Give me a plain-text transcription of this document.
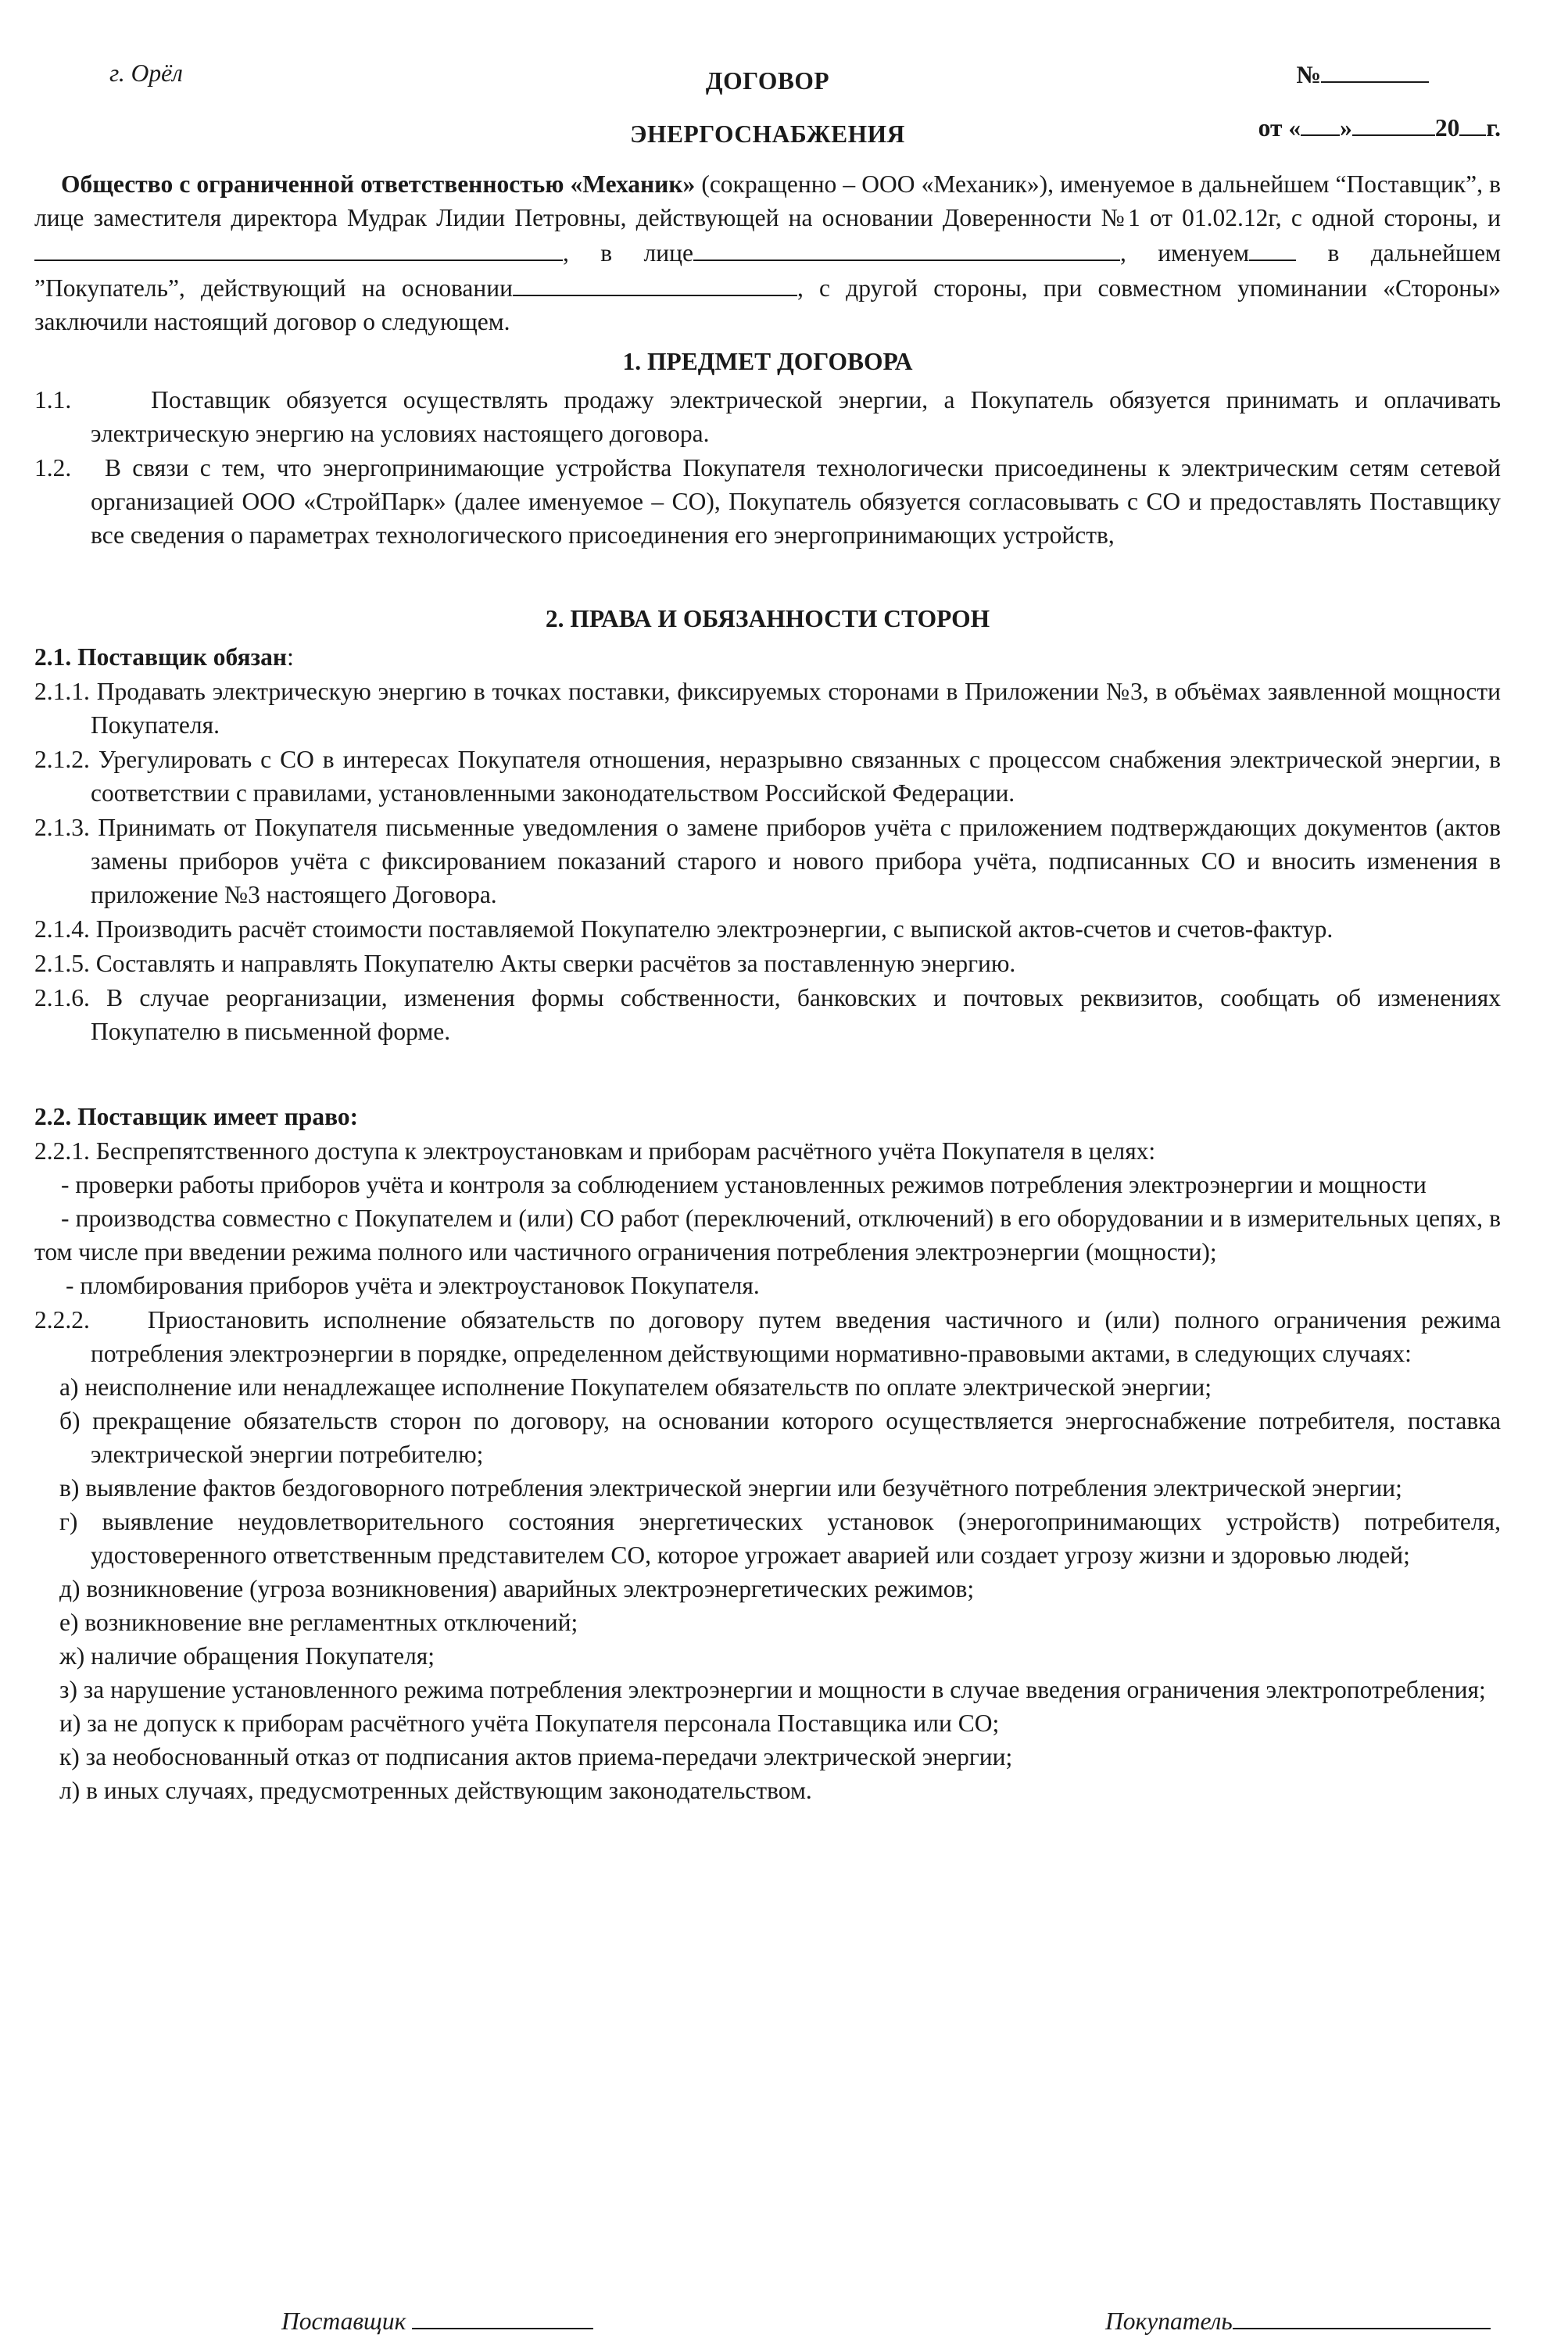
г. Орёл	ДОГОВОР
ЭНЕРГОСНАБЖЕНИЯ
№
от « »	20 г.
Общество с ограниченной ответственностью «Механик» (сокращенно – ООО «Механик»), именуемое в дальнейшем “Поставщик”, в лице заместителя директора Мудрак Лидии Петровны, действующей на основании Доверенности №1 от 01.02.12г, с одной стороны, и , в лице	, именуем в дальнейшем ”Покупатель”, действующий на основании	, с другой стороны, при совместном упоминании «Стороны» заключили настоящий договор о следующем.
1. ПРЕДМЕТ ДОГОВОРА
1.1.	Поставщик обязуется осуществлять продажу электрической энергии, а Покупатель обязуется принимать и оплачивать электрическую энергию на условиях настоящего договора.
1.2. В связи с тем, что энергопринимающие устройства Покупателя технологически присоединены к электрическим сетям сетевой организацией ООО «СтройПарк» (далее именуемое – СО), Покупатель обязуется согласовывать с СО и предоставлять Поставщику все сведения о параметрах технологического присоединения его энергопринимающих устройств,
2. ПРАВА И ОБЯЗАННОСТИ СТОРОН
2.1. Поставщик обязан:
2.1.1. Продавать электрическую энергию в точках поставки, фиксируемых сторонами в Приложении №3, в объёмах заявленной мощности Покупателя.
2.1.2. Урегулировать с СО в интересах Покупателя отношения, неразрывно связанных с процессом снабжения электрической энергии, в соответствии с правилами, установленными законодательством Российской Федерации.
2.1.3. Принимать от Покупателя письменные уведомления о замене приборов учёта с приложением подтверждающих документов (актов замены приборов учёта с фиксированием показаний старого и нового прибора учёта, подписанных СО и вносить изменения в приложение №3 настоящего Договора.
2.1.4. Производить расчёт стоимости поставляемой Покупателю электроэнергии, с выпиской актов-счетов и счетов-фактур.
2.1.5. Составлять и направлять Покупателю Акты сверки расчётов за поставленную энергию.
2.1.6. В случае реорганизации, изменения формы собственности, банковских и почтовых реквизитов, сообщать об изменениях Покупателю в письменной форме.
2.2. Поставщик имеет право:
2.2.1. Беспрепятственного доступа к электроустановкам и приборам расчётного учёта Покупателя в целях:
- проверки работы приборов учёта и контроля за соблюдением установленных режимов потребления электроэнергии и мощности
- производства совместно с Покупателем и (или) СО работ (переключений, отключений) в его оборудовании и в измерительных цепях, в том числе при введении режима полного или частичного ограничения потребления электроэнергии (мощности);
- пломбирования приборов учёта и электроустановок Покупателя.
2.2.2. Приостановить исполнение обязательств по договору путем введения частичного и (или) полного ограничения режима потребления электроэнергии в порядке, определенном действующими нормативно-правовыми актами, в следующих случаях:
а) неисполнение или ненадлежащее исполнение Покупателем обязательств по оплате электрической энергии;
б) прекращение обязательств сторон по договору, на основании которого осуществляется энергоснабжение потребителя, поставка электрической энергии потребителю;
в) выявление фактов бездоговорного потребления электрической энергии или безучётного потребления электрической энергии;
г) выявление неудовлетворительного состояния энергетических установок (энерогопринимающих устройств) потребителя, удостоверенного ответственным представителем СО, которое угрожает аварией или создает угрозу жизни и здоровью людей;
д) возникновение (угроза возникновения) аварийных электроэнергетических режимов;
е) возникновение вне регламентных отключений;
ж) наличие обращения Покупателя;
з) за нарушение установленного режима потребления электроэнергии и мощности в случае введения ограничения электропотребления;
и) за не допуск к приборам расчётного учёта Покупателя персонала Поставщика или СО;
к) за необоснованный отказ от подписания актов приема-передачи электрической энергии;
л) в иных случаях, предусмотренных действующим законодательством.
Поставщик	Покупатель
